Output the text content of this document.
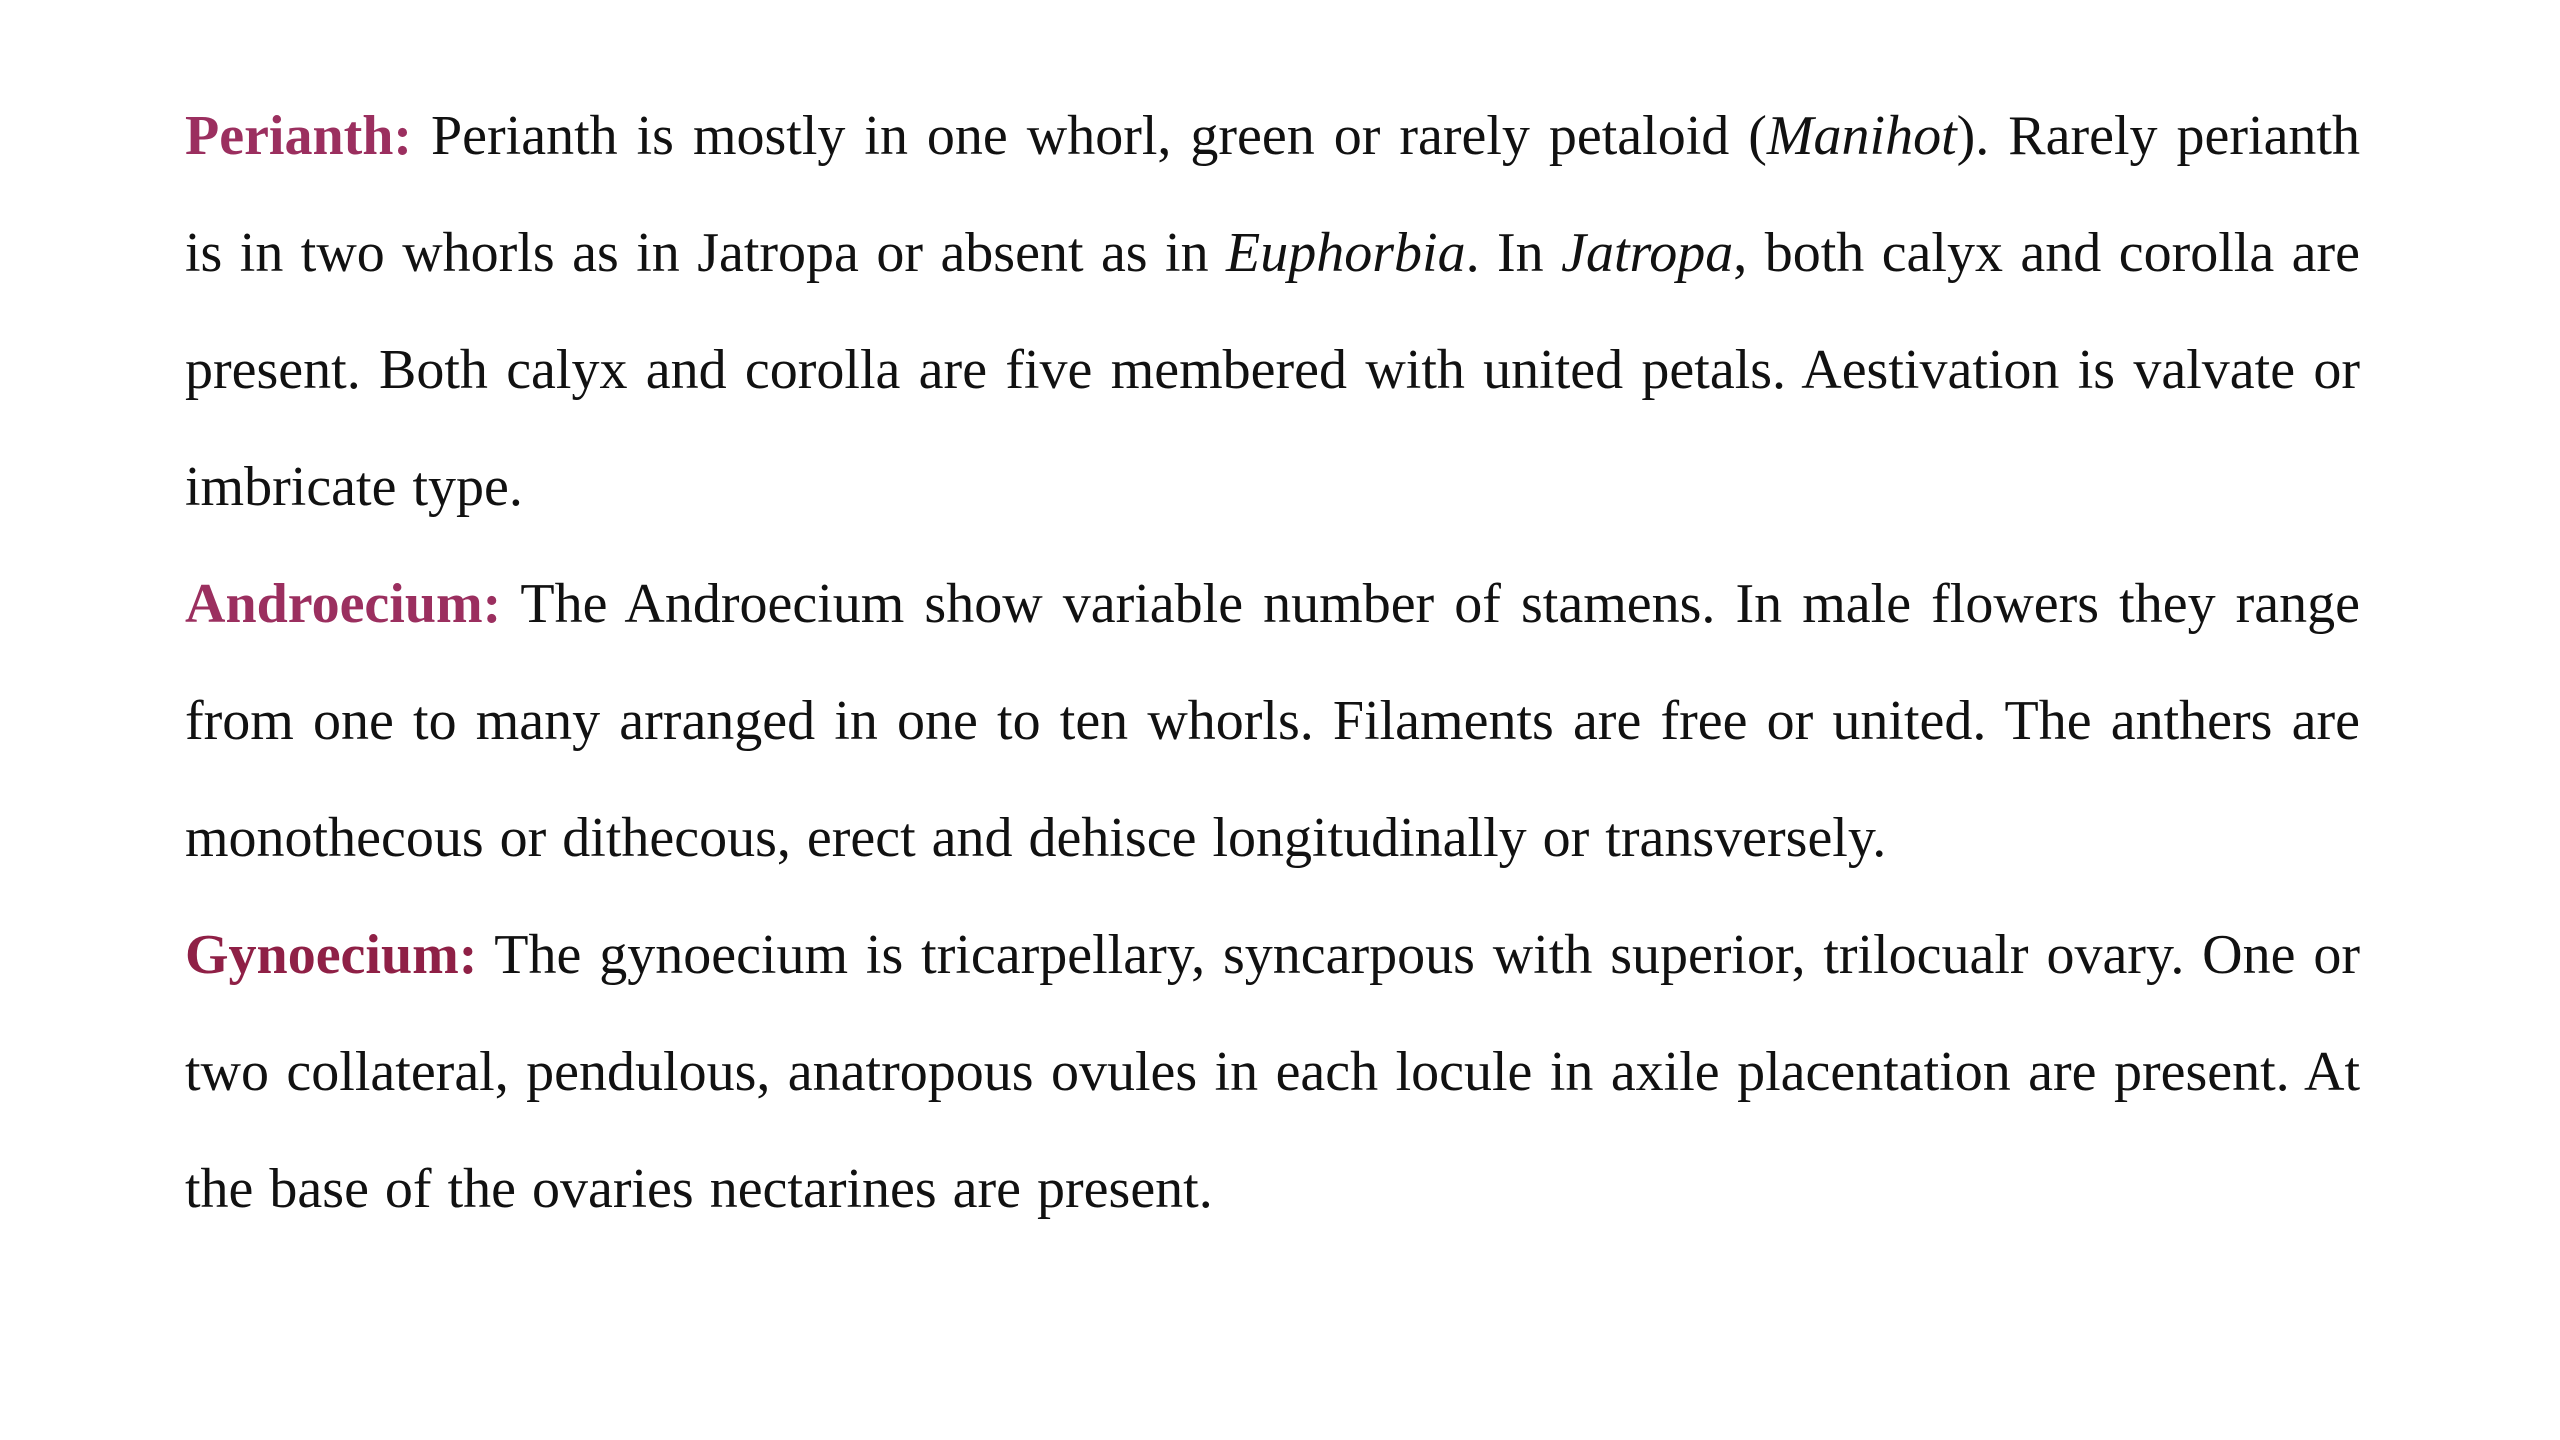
Perianth: Perianth is mostly in one whorl, green or rarely petaloid (Manihot). Rarely perianth is in two whorls as in Jatropa or absent as in Euphorbia. In Jatropa, both calyx and corolla are present. Both calyx and corolla are five membered with united petals. Aestivation is valvate or imbricate type.

Androecium: The Androecium show variable number of stamens. In male flowers they range from one to many arranged in one to ten whorls. Filaments are free or united. The anthers are monothecous or dithecous, erect and dehisce longitudinally or transversely.

Gynoecium: The gynoecium is tricarpellary, syncarpous with superior, trilocualr ovary. One or two collateral, pendulous, anatropous ovules in each locule in axile placentation are present. At the base of the ovaries nectarines are present.
